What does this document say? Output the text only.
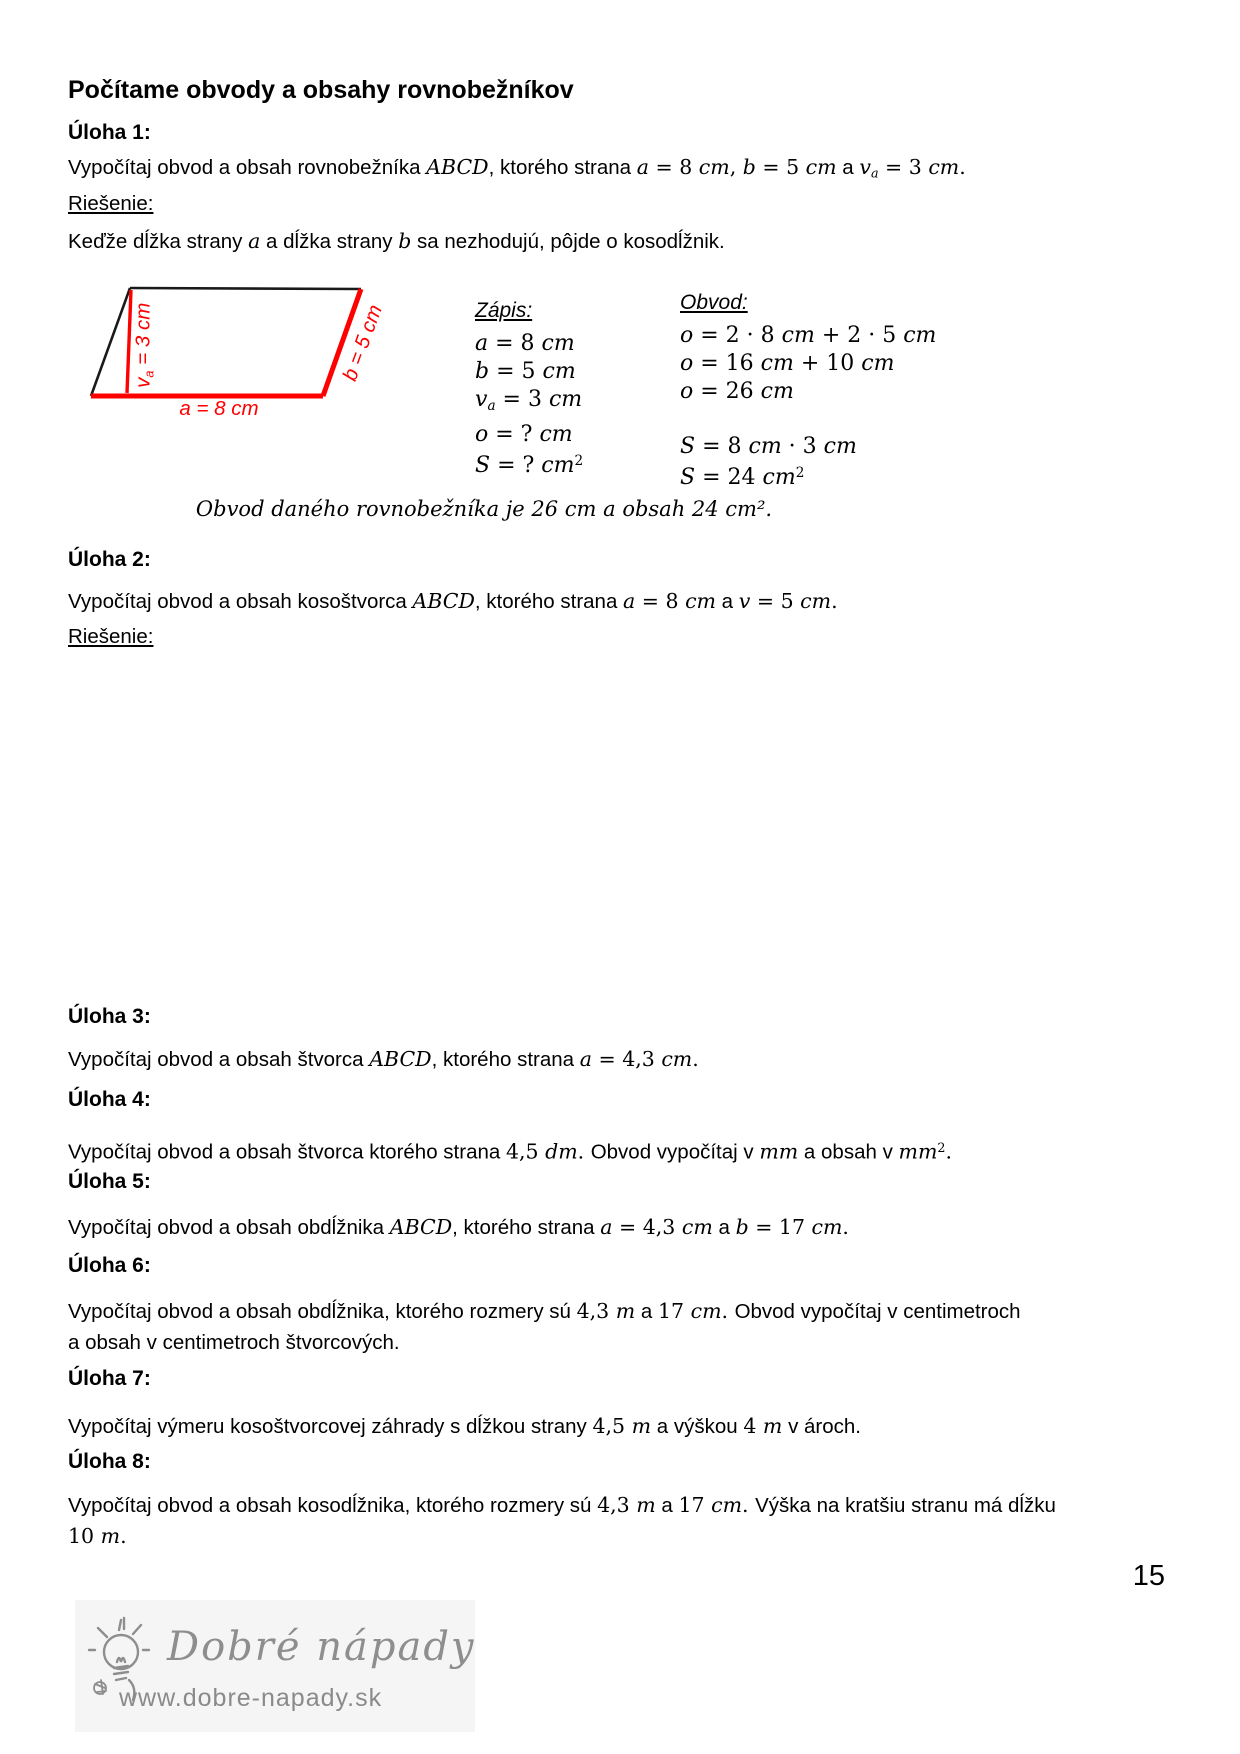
Počítame obvody a obsahy rovnobežníkov
Úloha 1:
Vypočítaj obvod a obsah rovnobežníka ABCD, ktorého strana a = 8 cm, b = 5 cm a va = 3 cm.
Riešenie:
Keďže dĺžka strany a a dĺžka strany b sa nezhodujú, pôjde o kosodĺžnik.
va = 3 cm	b = 5 cm
a = 8 cm
Zápis:
a = 8 cm
b = 5 cm
va = 3 cm
o = ? cm
S = ? $cm^2$
Obvod:
o = 2 · 8 cm + 2 · 5 cm
o = 16 cm + 10 cm
o = 26 cm
S = 8 cm · 3 cm
S = 24 $cm^2$
Obvod daného rovnobežníka je 26 cm a obsah 24 cm².
Úloha 2:
Vypočítaj obvod a obsah kosoštvorca ABCD, ktorého strana a = 8 cm a v = 5 cm.
Riešenie:
Úloha 3:
Vypočítaj obvod a obsah štvorca ABCD, ktorého strana a = 4,3 cm.
Úloha 4:
Vypočítaj obvod a obsah štvorca ktorého strana 4,5 dm. Obvod vypočítaj v mm a obsah v $mm^2$.
Úloha 5:
Vypočítaj obvod a obsah obdĺžnika ABCD, ktorého strana a = 4,3 cm a b = 17 cm.
Úloha 6:
Vypočítaj obvod a obsah obdĺžnika, ktorého rozmery sú 4,3 m a 17 cm. Obvod vypočítaj v centimetroch
a obsah v centimetroch štvorcových.
Úloha 7:
Vypočítaj výmeru kosoštvorcovej záhrady s dĺžkou strany 4,5 m a výškou 4 m v ároch.
Úloha 8:
Vypočítaj obvod a obsah kosodĺžnika, ktorého rozmery sú 4,3 m a 17 cm. Výška na kratšiu stranu má dĺžku
10 m.
15
Dobré nápady
www.dobre-napady.sk
